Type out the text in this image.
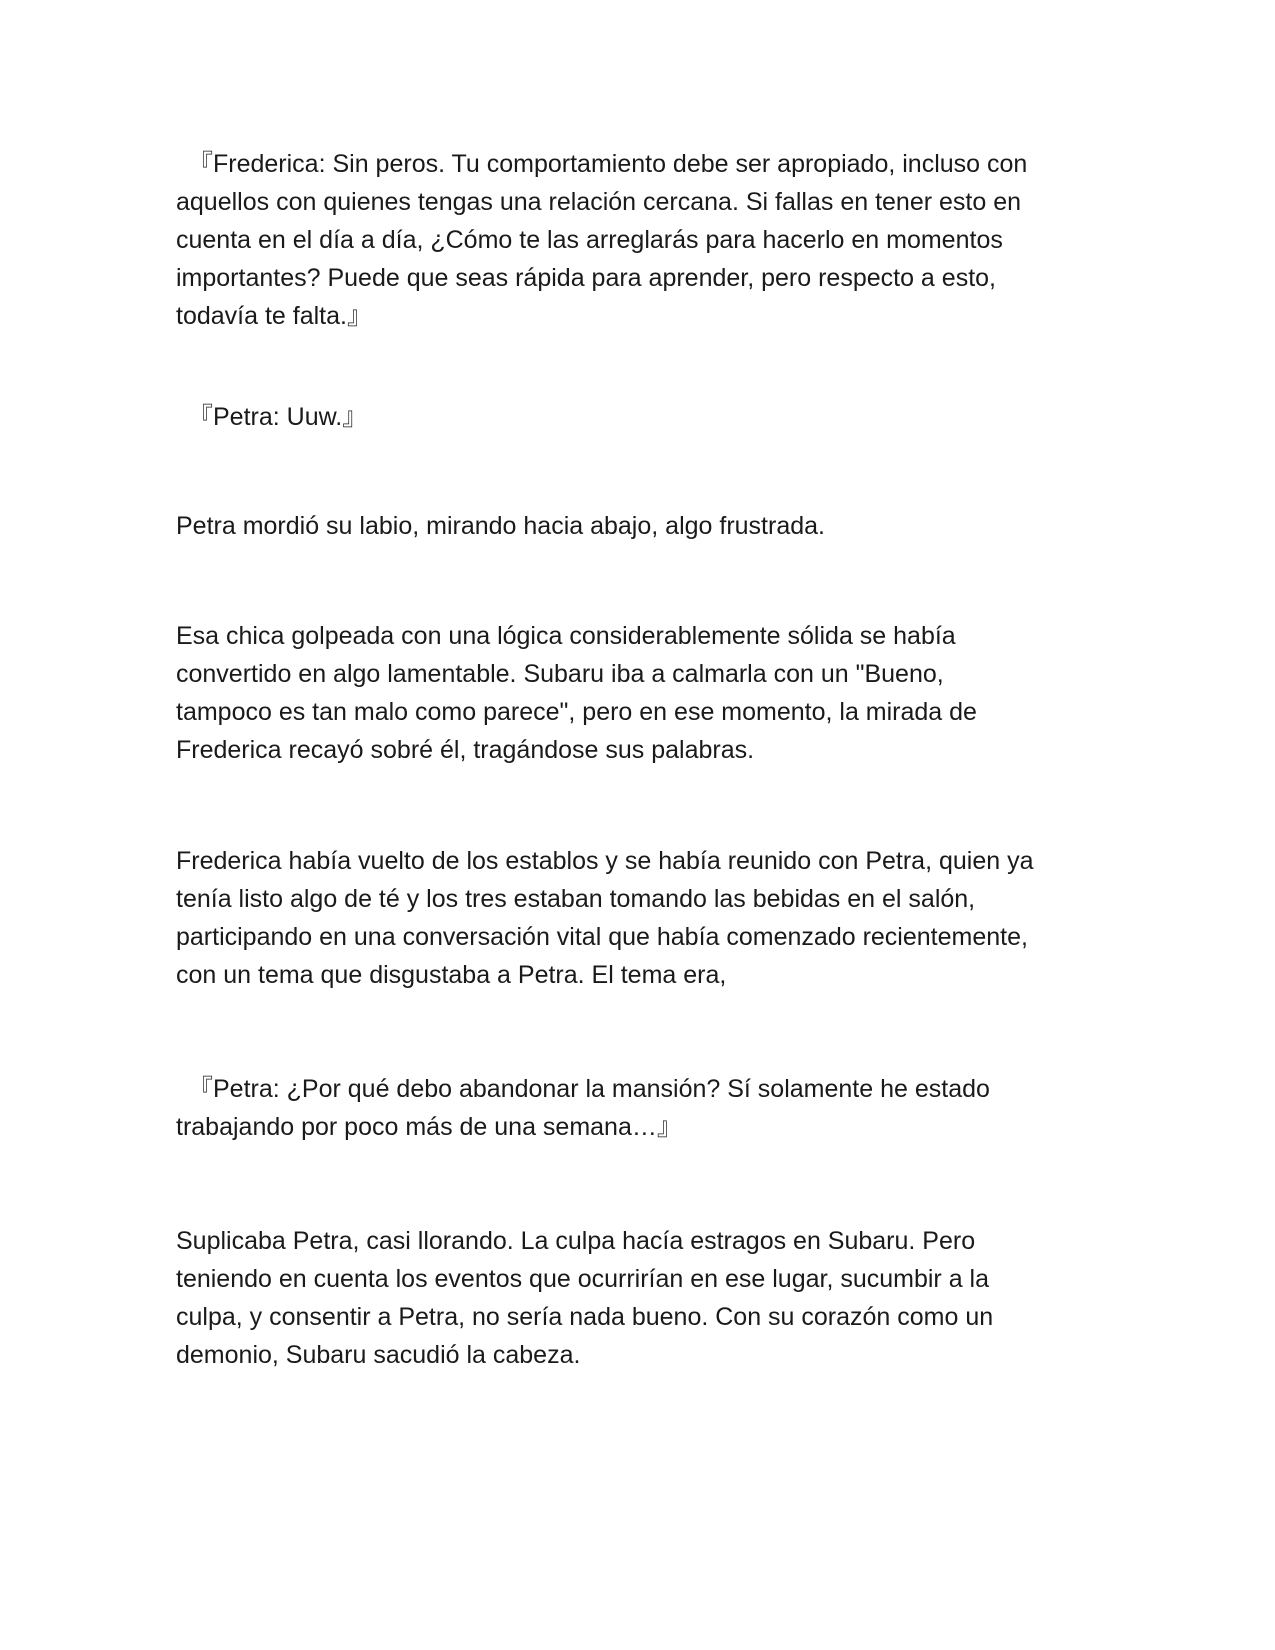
『Frederica: Sin peros. Tu comportamiento debe ser apropiado, incluso con
aquellos con quienes tengas una relación cercana. Si fallas en tener esto en
cuenta en el día a día, ¿Cómo te las arreglarás para hacerlo en momentos
importantes? Puede que seas rápida para aprender, pero respecto a esto,
todavía te falta.』

『Petra: Uuw.』

Petra mordió su labio, mirando hacia abajo, algo frustrada.

Esa chica golpeada con una lógica considerablemente sólida se había
convertido en algo lamentable. Subaru iba a calmarla con un "Bueno,
tampoco es tan malo como parece", pero en ese momento, la mirada de
Frederica recayó sobré él, tragándose sus palabras.

Frederica había vuelto de los establos y se había reunido con Petra, quien ya
tenía listo algo de té y los tres estaban tomando las bebidas en el salón,
participando en una conversación vital que había comenzado recientemente,
con un tema que disgustaba a Petra. El tema era,

『Petra: ¿Por qué debo abandonar la mansión? Sí solamente he estado
trabajando por poco más de una semana…』

Suplicaba Petra, casi llorando. La culpa hacía estragos en Subaru. Pero
teniendo en cuenta los eventos que ocurrirían en ese lugar, sucumbir a la
culpa, y consentir a Petra, no sería nada bueno. Con su corazón como un
demonio, Subaru sacudió la cabeza.
